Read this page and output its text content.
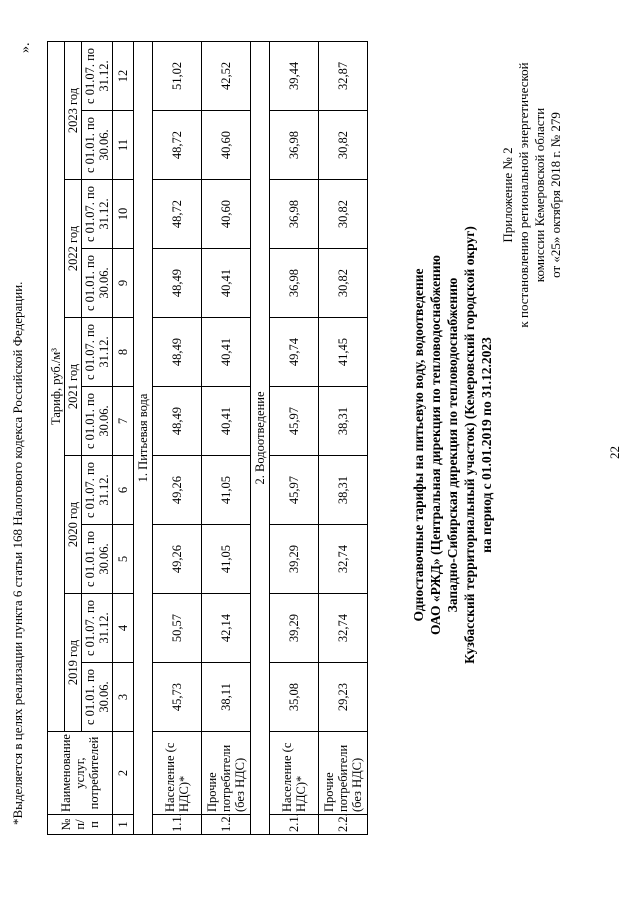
22
Приложение № 2 к постановлению региональной энергетической комиссии Кемеровской области от «25» октября 2018 г. № 279
Одноставочные тарифы на питьевую воду, водоотведение ОАО «РЖД» (Центральная дирекция по тепловодоснабжению Западно-Сибирская дирекция по тепловодоснабжению Кузбасский территориальный участок) (Кемеровский городской округ) на период с 01.01.2019 по 31.12.2023
№ п/п	Наименование услуг, потребителей	Тариф, руб./м³									
		2019 год		2020 год		2021 год		2022 год		2023 год	
		с 01.01. по 30.06.	с 01.07. по 31.12.	с 01.01. по 30.06.	с 01.07. по 31.12.	с 01.01. по 30.06.	с 01.07. по 31.12.	с 01.01. по 30.06.	с 01.07. по 31.12.	с 01.01. по 30.06.	с 01.07. по 31.12.
1	2	3	4	5	6	7	8	9	10	11	12
1. Питьевая вода											
1.1.	Население (с НДС)*	45,73	50,57	49,26	49,26	48,49	48,49	48,49	48,72	48,72	51,02
1.2.	Прочие потребители (без НДС)	38,11	42,14	41,05	41,05	40,41	40,41	40,41	40,60	40,60	42,52
2. Водоотведение											
2.1.	Население (с НДС)*	35,08	39,29	39,29	45,97	45,97	49,74	36,98	36,98	36,98	39,44
2.2.	Прочие потребители (без НДС)	29,23	32,74	32,74	38,31	38,31	41,45	30,82	30,82	30,82	32,87
*Выделяется в целях реализации пункта 6 статьи 168 Налогового кодекса Российской Федерации.
».
